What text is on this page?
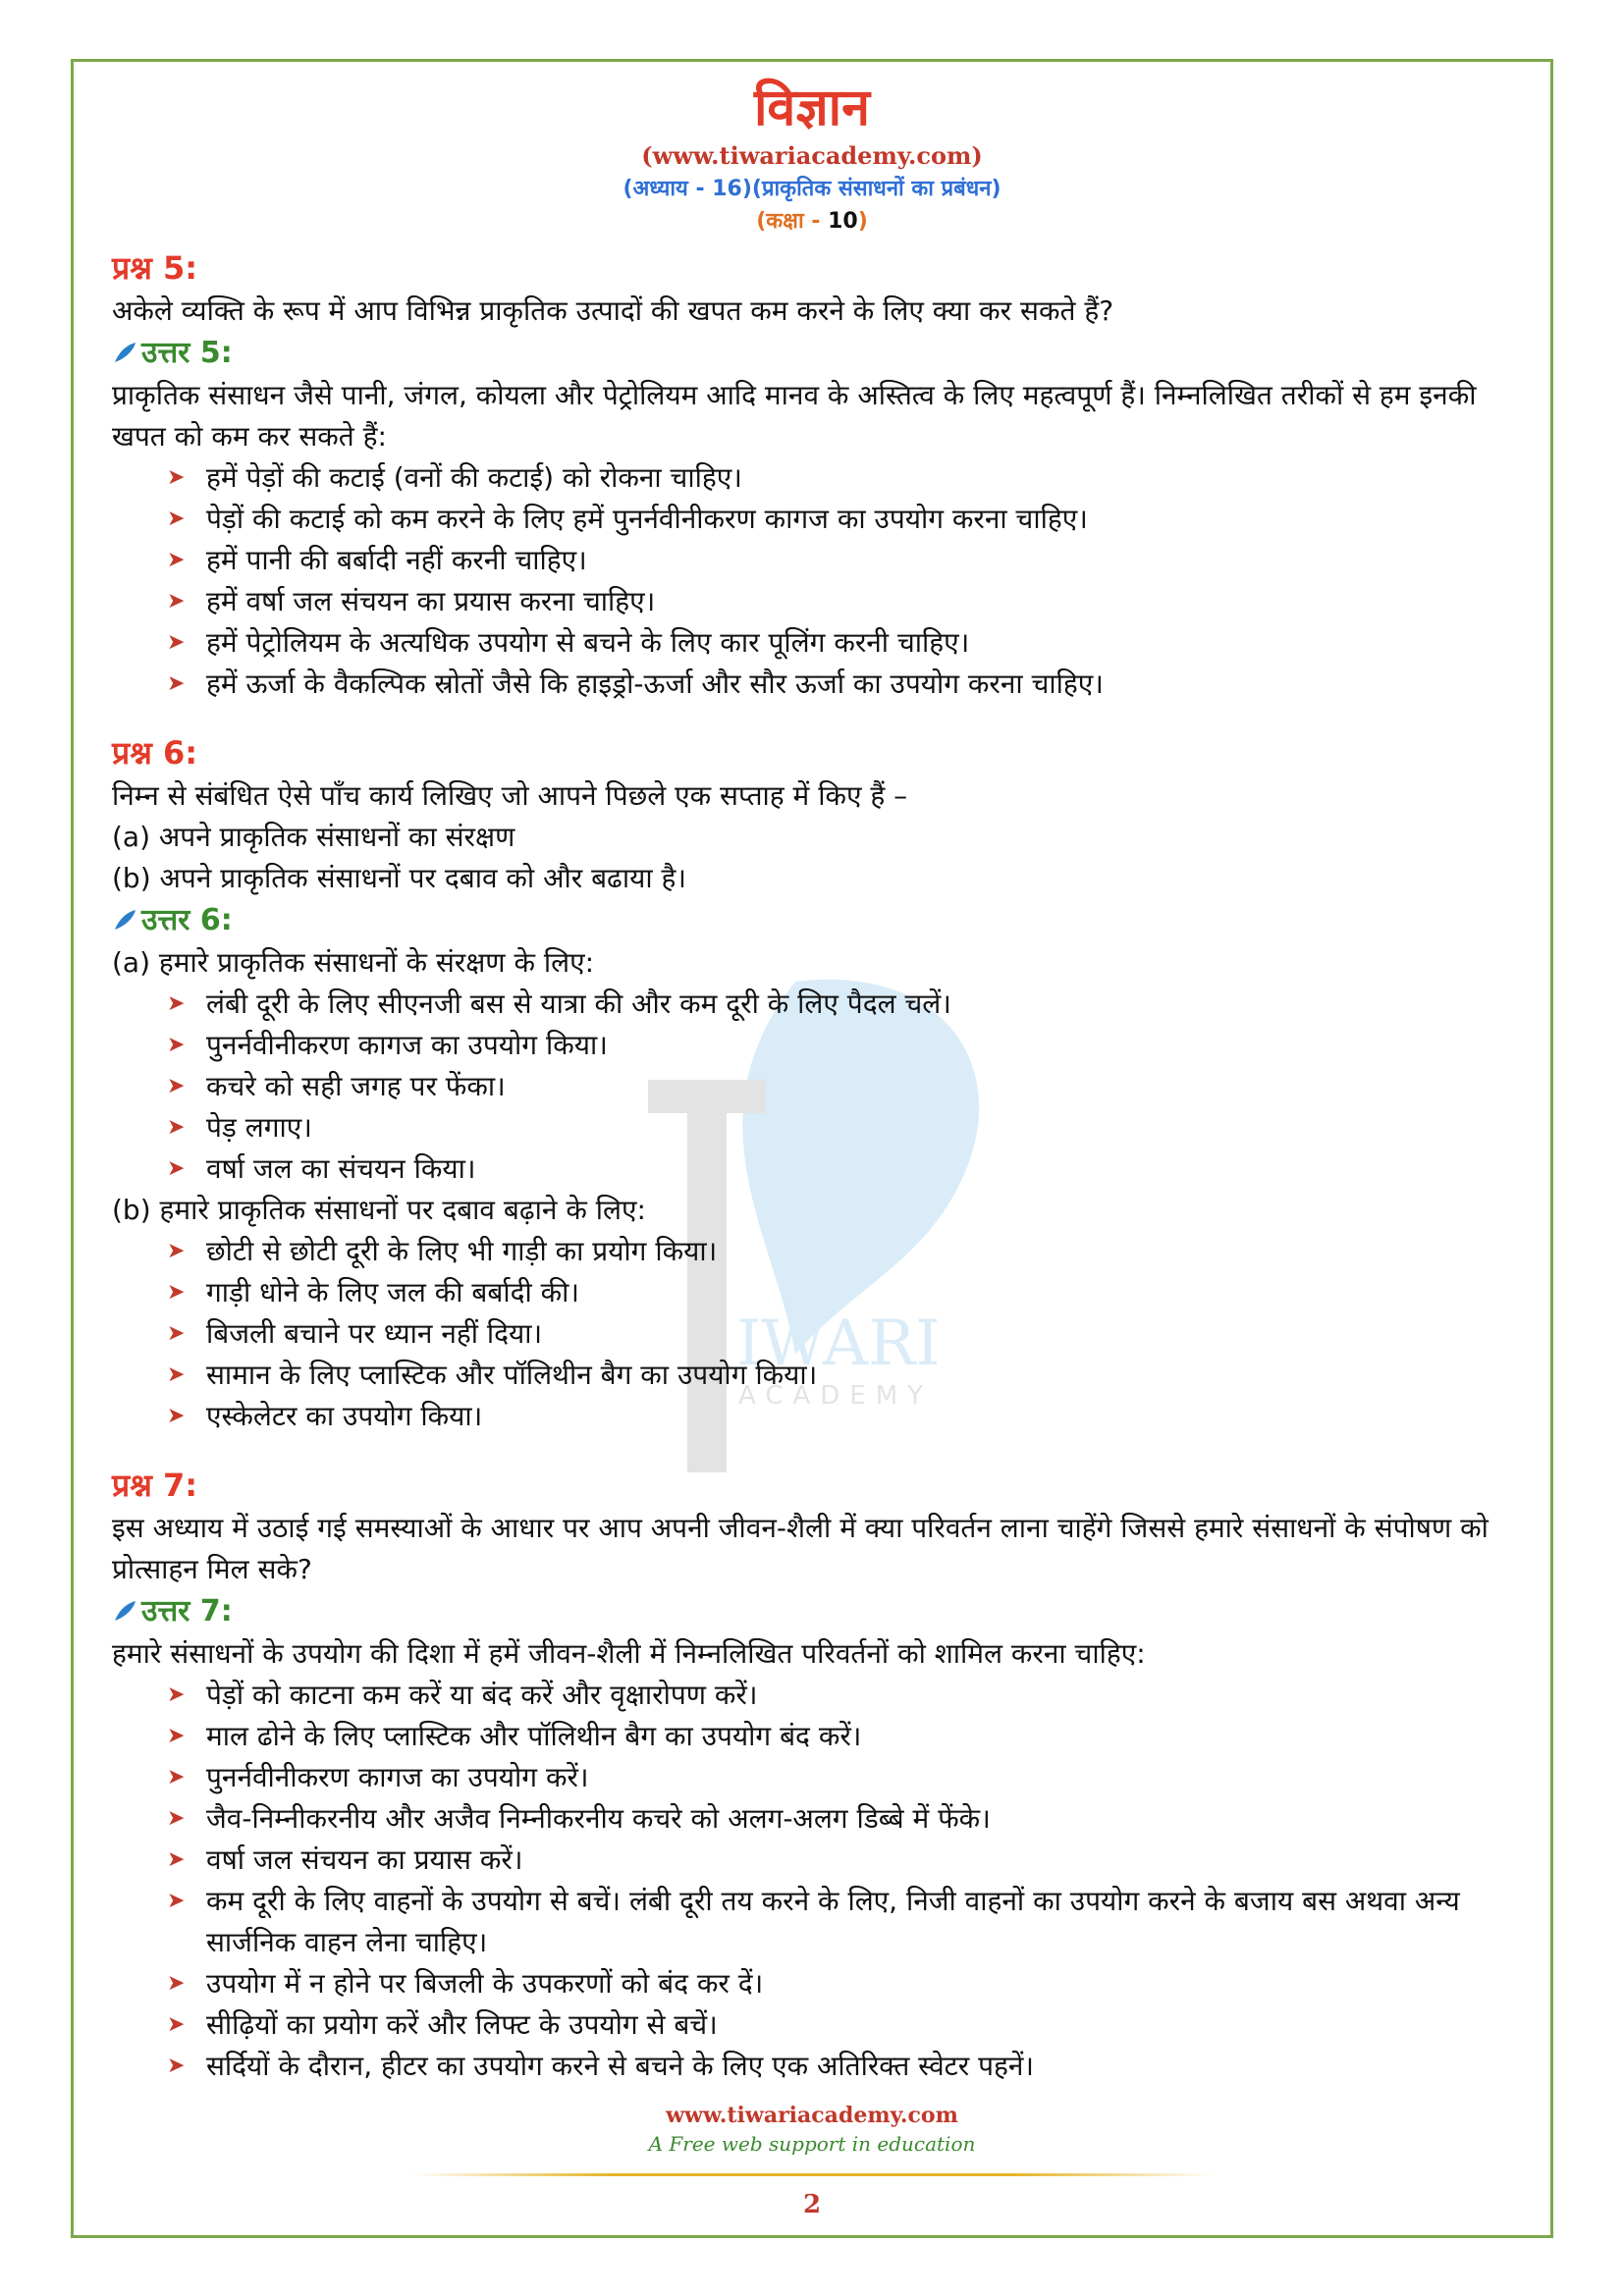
IWARI
ACADEMY
विज्ञान
(www.tiwariacademy.com)
(अध्याय - 16)(प्राकृतिक संसाधनों का प्रबंधन)
(कक्षा - 10)
प्रश्न 5:

अकेले व्यक्ति के रूप में आप विभिन्न प्राकृतिक उत्पादों की खपत कम करने के लिए क्या कर सकते हैं?

उत्तर 5:

प्राकृतिक संसाधन जैसे पानी, जंगल, कोयला और पेट्रोलियम आदि मानव के अस्तित्व के लिए महत्वपूर्ण हैं। निम्नलिखित तरीकों से हम इनकी खपत को कम कर सकते हैं:

➤ हमें पेड़ों की कटाई (वनों की कटाई) को रोकना चाहिए।
➤ पेड़ों की कटाई को कम करने के लिए हमें पुनर्नवीनीकरण कागज का उपयोग करना चाहिए।
➤ हमें पानी की बर्बादी नहीं करनी चाहिए।
➤ हमें वर्षा जल संचयन का प्रयास करना चाहिए।
➤ हमें पेट्रोलियम के अत्यधिक उपयोग से बचने के लिए कार पूलिंग करनी चाहिए।
➤ हमें ऊर्जा के वैकल्पिक स्रोतों जैसे कि हाइड्रो-ऊर्जा और सौर ऊर्जा का उपयोग करना चाहिए।
प्रश्न 6:

निम्न से संबंधित ऐसे पाँच कार्य लिखिए जो आपने पिछले एक सप्ताह में किए हैं –

(a) अपने प्राकृतिक संसाधनों का संरक्षण

(b) अपने प्राकृतिक संसाधनों पर दबाव को और बढाया है।

उत्तर 6:

(a) हमारे प्राकृतिक संसाधनों के संरक्षण के लिए:

➤ लंबी दूरी के लिए सीएनजी बस से यात्रा की और कम दूरी के लिए पैदल चलें।
➤ पुनर्नवीनीकरण कागज का उपयोग किया।
➤ कचरे को सही जगह पर फेंका।
➤ पेड़ लगाए।
➤ वर्षा जल का संचयन किया।

(b) हमारे प्राकृतिक संसाधनों पर दबाव बढ़ाने के लिए:

➤ छोटी से छोटी दूरी के लिए भी गाड़ी का प्रयोग किया।
➤ गाड़ी धोने के लिए जल की बर्बादी की।
➤ बिजली बचाने पर ध्यान नहीं दिया।
➤ सामान के लिए प्लास्टिक और पॉलिथीन बैग का उपयोग किया।
➤ एस्केलेटर का उपयोग किया।
प्रश्न 7:

इस अध्याय में उठाई गई समस्याओं के आधार पर आप अपनी जीवन-शैली में क्या परिवर्तन लाना चाहेंगे जिससे हमारे संसाधनों के संपोषण को प्रोत्साहन मिल सके?

उत्तर 7:

हमारे संसाधनों के उपयोग की दिशा में हमें जीवन-शैली में निम्नलिखित परिवर्तनों को शामिल करना चाहिए:

➤ पेड़ों को काटना कम करें या बंद करें और वृक्षारोपण करें।
➤ माल ढोने के लिए प्लास्टिक और पॉलिथीन बैग का उपयोग बंद करें।
➤ पुनर्नवीनीकरण कागज का उपयोग करें।
➤ जैव-निम्नीकरनीय और अजैव निम्नीकरनीय कचरे को अलग-अलग डिब्बे में फेंके।
➤ वर्षा जल संचयन का प्रयास करें।
➤ कम दूरी के लिए वाहनों के उपयोग से बचें। लंबी दूरी तय करने के लिए, निजी वाहनों का उपयोग करने के बजाय बस अथवा अन्य सार्जनिक वाहन लेना चाहिए।
➤ उपयोग में न होने पर बिजली के उपकरणों को बंद कर दें।
➤ सीढ़ियों का प्रयोग करें और लिफ्ट के उपयोग से बचें।
➤ सर्दियों के दौरान, हीटर का उपयोग करने से बचने के लिए एक अतिरिक्त स्वेटर पहनें।
www.tiwariacademy.com
A Free web support in education
2
